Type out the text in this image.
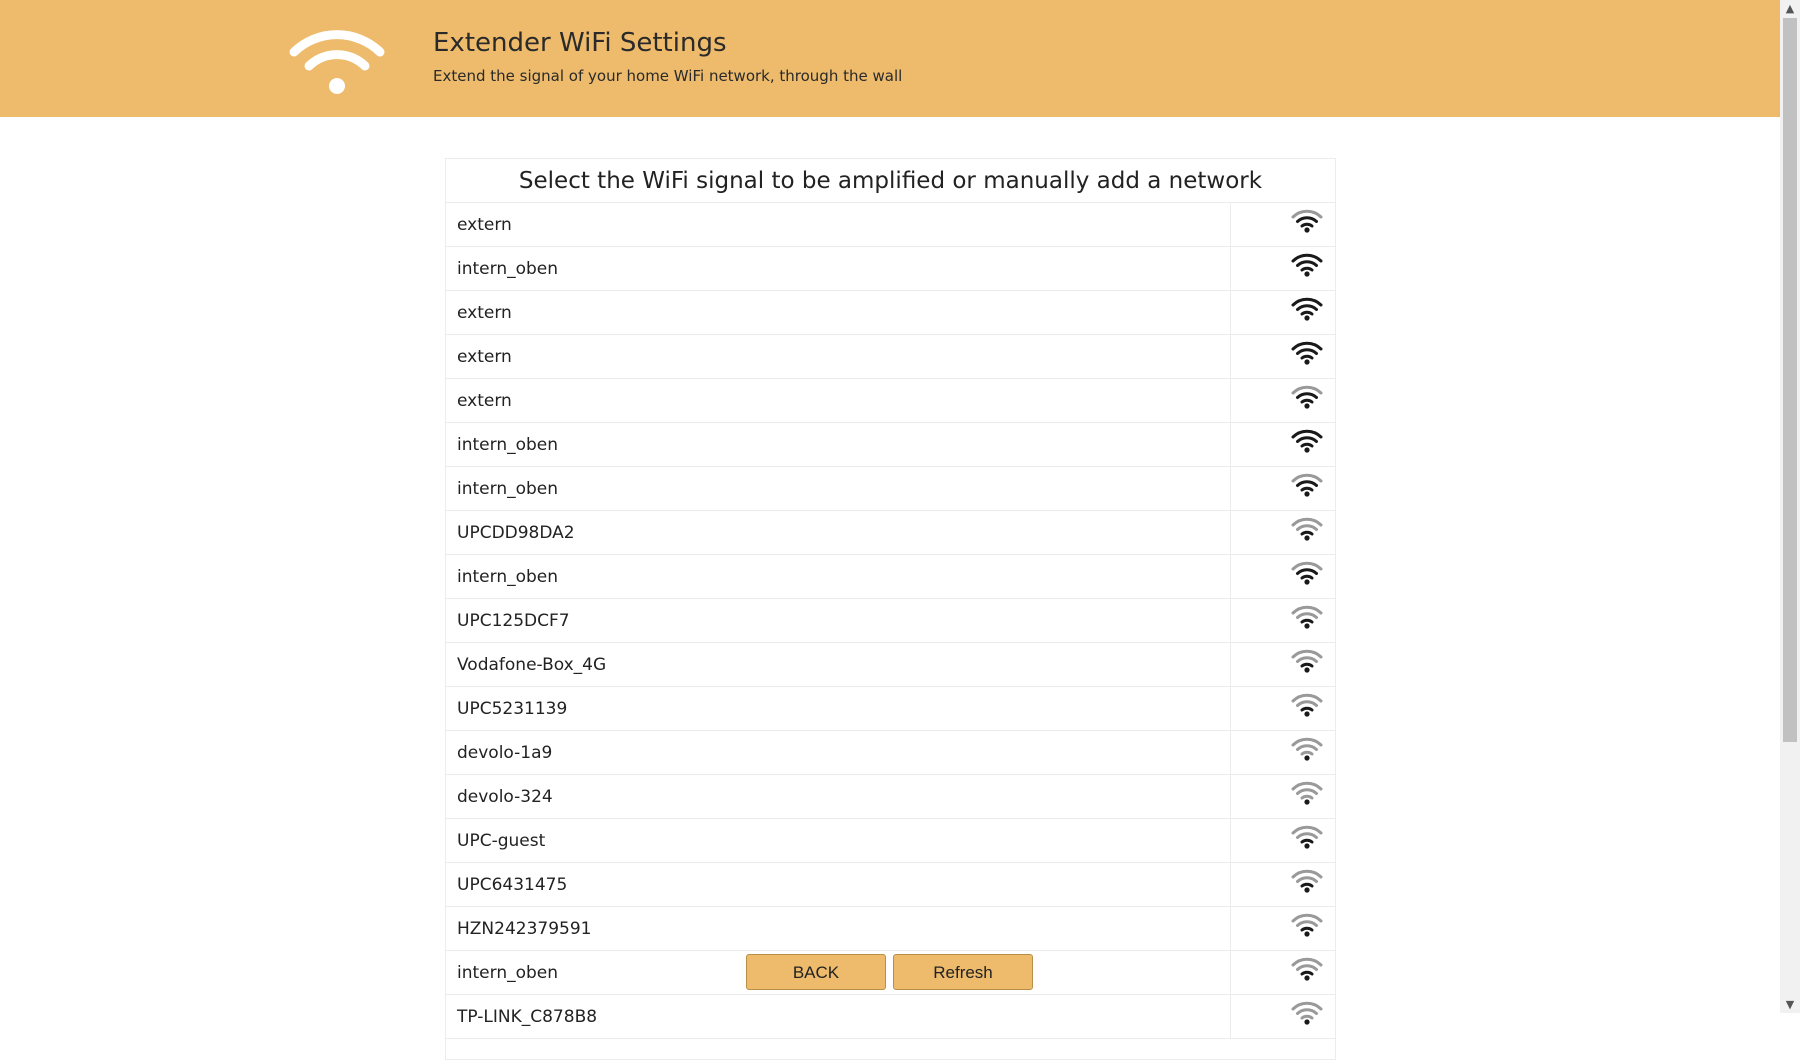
Extender WiFi Settings
Extend the signal of your home WiFi network, through the wall
Select the WiFi signal to be amplified or manually add a network
extern
intern_oben
extern
extern
extern
intern_oben
intern_oben
UPCDD98DA2
intern_oben
UPC125DCF7
Vodafone-Box_4G
UPC5231139
devolo-1a9
devolo-324
UPC-guest
UPC6431475
HZN242379591
intern_oben
TP-LINK_C878B8
BACK	Refresh
▲
▼
